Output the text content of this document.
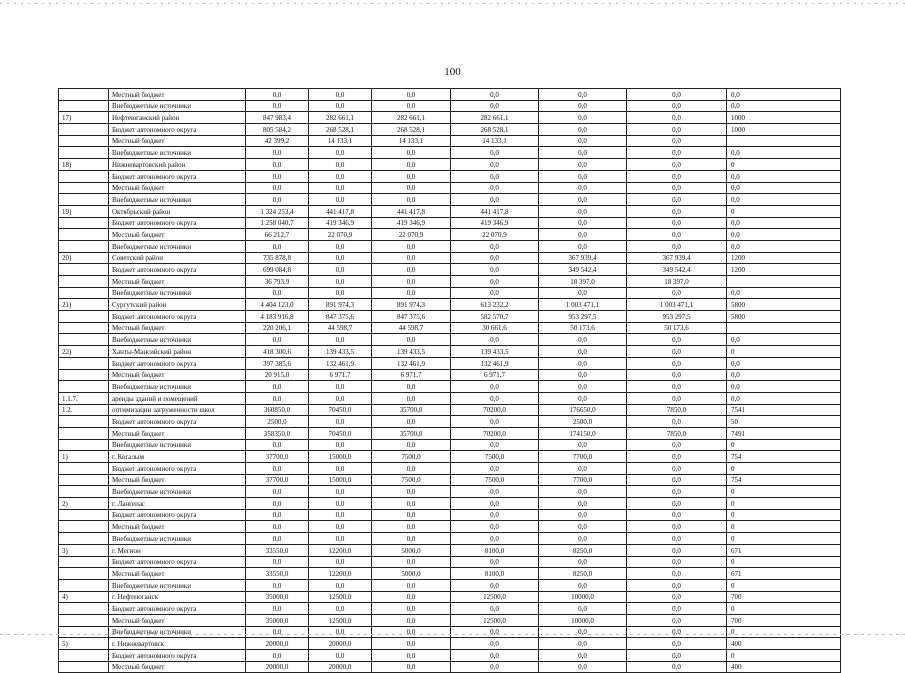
100
	Местный бюджет	0,0	0,0	0,0	0,0	0,0	0,0	0,0
	Внебюджетные источники	0,0	0,0	0,0	0,0	0,0	0,0	0,0
17)	Нефтеюганский район	847 983,4	282 661,1	282 661,1	282 661,1	0,0	0,0	1000
	Бюджет автономного округа	805 584,2	268 528,1	268 528,1	268 528,1	0,0	0,0	1000
	Местный бюджет	42 399,2	14 133,1	14 133,1	14 133,1	0,0	0,0	
	Внебюджетные источники	0,0	0,0	0,0	0,0	0,0	0,0	0,0
18)	Нижневартовский район	0,0	0,0	0,0	0,0	0,0	0,0	0
	Бюджет автономного округа	0,0	0,0	0,0	0,0	0,0	0,0	0,0
	Местный бюджет	0,0	0,0	0,0	0,0	0,0	0,0	0,0
	Внебюджетные источники	0,0	0,0	0,0	0,0	0,0	0,0	0,0
19)	Октябрьский район	1 324 253,4	441 417,8	441 417,8	441 417,8	0,0	0,0	0
	Бюджет автономного округа	1 258 040,7	419 346,9	419 346,9	419 346,9	0,0	0,0	0,0
	Местный бюджет	66 212,7	22 070,9	22 070,9	22 070,9	0,0	0,0	0,0
	Внебюджетные источники	0,0	0,0	0,0	0,0	0,0	0,0	0,0
20)	Советский район	735 878,8	0,0	0,0	0,0	367 939,4	367 939,4	1200
	Бюджет автономного округа	699 084,8	0,0	0,0	0,0	349 542,4	349 542,4	1200
	Местный бюджет	36 793,9	0,0	0,0	0,0	18 397,0	18 397,0	
	Внебюджетные источники	0,0	0,0	0,0	0,0	0,0	0,0	0,0
21)	Сургутский район	4 404 123,0	891 974,3	891 974,3	613 232,2	1 003 471,1	1 003 471,1	5800
	Бюджет автономного округа	4 183 916,8	847 375,6	847 375,6	582 570,7	953 297,5	953 297,5	5800
	Местный бюджет	220 206,1	44 598,7	44 598,7	30 661,6	50 173,6	50 173,6	
	Внебюджетные источники	0,0	0,0	0,0	0,0	0,0	0,0	0,0
22)	Ханты-Мансийский район	418 300,6	139 433,5	139 433,5	139 433,5	0,0	0,0	0
	Бюджет автономного округа	397 385,6	132 461,9	132 461,9	132 461,9	0,0	0,0	0,0
	Местный бюджет	20 915,0	6 971,7	6 971,7	6 971,7	0,0	0,0	0,0
	Внебюджетные источники	0,0	0,0	0,0	0,0	0,0	0,0	0,0
1.1.7.	аренды зданий и помещений	0,0	0,0	0,0	0,0	0,0	0,0	0,0
1.2.	оптимизации загруженности школ	360850,0	70450,0	35700,0	70200,0	176650,0	7850,0	7541
	Бюджет автономного округа	2500,0	0,0	0,0	0,0	2500,0	0,0	50
	Местный бюджет	358350,0	70450,0	35700,0	70200,0	174150,0	7850,0	7491
	Внебюджетные источники	0,0	0,0	0,0	0,0	0,0	0,0	0
1)	г. Когалым	37700,0	15000,0	7500,0	7500,0	7700,0	0,0	754
	Бюджет автономного округа	0,0	0,0	0,0	0,0	0,0	0,0	0
	Местный бюджет	37700,0	15000,0	7500,0	7500,0	7700,0	0,0	754
	Внебюджетные источники	0,0	0,0	0,0	0,0	0,0	0,0	0
2)	г. Лангепас	0,0	0,0	0,0	0,0	0,0	0,0	0
	Бюджет автономного округа	0,0	0,0	0,0	0,0	0,0	0,0	0
	Местный бюджет	0,0	0,0	0,0	0,0	0,0	0,0	0
	Внебюджетные источники	0,0	0,0	0,0	0,0	0,0	0,0	0
3)	г. Мегион	33550,0	12200,0	5000,0	8100,0	8250,0	0,0	671
	Бюджет автономного округа	0,0	0,0	0,0	0,0	0,0	0,0	0
	Местный бюджет	33550,0	12200,0	5000,0	8100,0	8250,0	0,0	671
	Внебюджетные источники	0,0	0,0	0,0	0,0	0,0	0,0	0
4)	г. Нефтеюганск	35000,0	12500,0	0,0	12500,0	10000,0	0,0	700
	Бюджет автономного округа	0,0	0,0	0,0	0,0	0,0	0,0	0
	Местный бюджет	35000,0	12500,0	0,0	12500,0	10000,0	0,0	700
	Внебюджетные источники	0,0	0,0	0,0	0,0	0,0	0,0	0
5)	г. Нижневартовск	20000,0	20000,0	0,0	0,0	0,0	0,0	400
	Бюджет автономного округа	0,0	0,0	0,0	0,0	0,0	0,0	0
	Местный бюджет	20000,0	20000,0	0,0	0,0	0,0	0,0	400
